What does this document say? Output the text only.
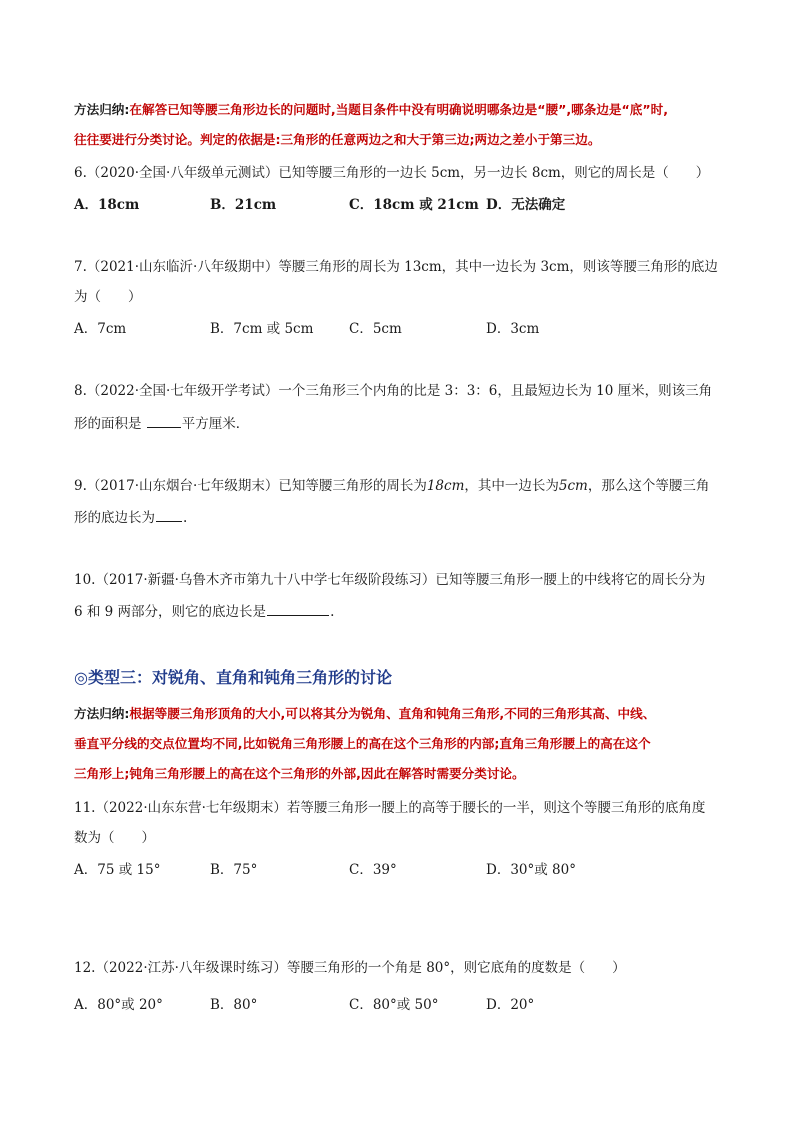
方法归纳:在解答已知等腰三角形边长的问题时,当题目条件中没有明确说明哪条边是“腰”,哪条边是“底”时,
往往要进行分类讨论。判定的依据是:三角形的任意两边之和大于第三边;两边之差小于第三边。
6.（2020·全国·八年级单元测试）已知等腰三角形的一边长 5cm，另一边长 8cm，则它的周长是（　　）
A．18cm	B．21cm	C．18cm 或 21cm D．无法确定
7.（2021·山东临沂·八年级期中）等腰三角形的周长为 13cm，其中一边长为 3cm，则该等腰三角形的底边
为（　　）
A．7cm	B．7cm 或 5cm	C．5cm	D．3cm
8.（2022·全国·七年级开学考试）一个三角形三个内角的比是 3：3：6，且最短边长为 10 厘米，则该三角
形的面积是	平方厘米．
9.（2017·山东烟台·七年级期末）已知等腰三角形的周长为18cm，其中一边长为5cm，那么这个等腰三角
形的底边长为 .
10.（2017·新疆·乌鲁木齐市第九十八中学七年级阶段练习）已知等腰三角形一腰上的中线将它的周长分为
6 和 9 两部分，则它的底边长是	.
◎类型三：对锐角、直角和钝角三角形的讨论
方法归纳:根据等腰三角形顶角的大小,可以将其分为锐角、直角和钝角三角形,不同的三角形其高、中线、
垂直平分线的交点位置均不同,比如锐角三角形腰上的高在这个三角形的内部;直角三角形腰上的高在这个
三角形上;钝角三角形腰上的高在这个三角形的外部,因此在解答时需要分类讨论。
11.（2022·山东东营·七年级期末）若等腰三角形一腰上的高等于腰长的一半，则这个等腰三角形的底角度
数为（　　）
A．75 或 15°	B．75°	C．39°	D．30°或 80°
12.（2022·江苏·八年级课时练习）等腰三角形的一个角是 80°，则它底角的度数是（　　）
A．80°或 20°	B．80°	C．80°或 50°	D．20°
